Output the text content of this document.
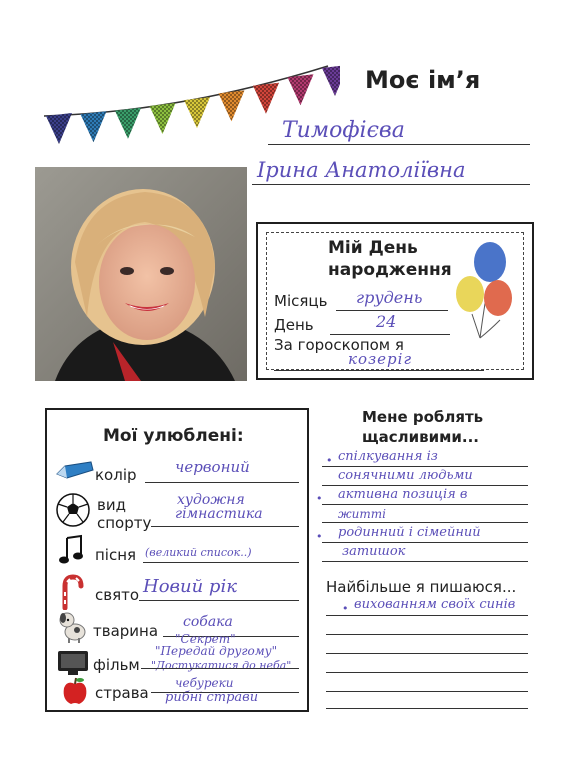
Моє ім’я
Тимофієва
Ірина Анатоліївна
Мій День
народження
Місяць грудень
День	24
За гороскопом я
козеріг
Мої улюблені:
колір	червоний
вид
спорту
художня
гімнастика
пісня (великий список..)
свято Новий рік
тварина собака
фільм
"Секрет"
"Передай другому"
"Достукатися до неба"
страва
чебуреки
рибні страви
Мене роблять
щасливими...
• спілкування із
сонячними людьми
• активна позиція в
житті
• родинний і сімейний
затишок
Найбільше я пишаюся...
• вихованням своїх синів
